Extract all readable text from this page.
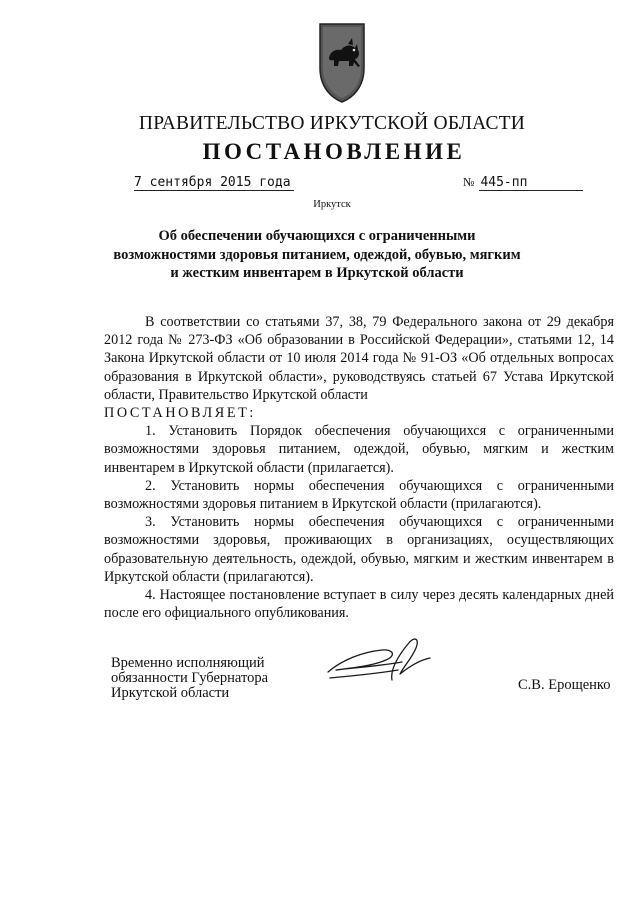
ПРАВИТЕЛЬСТВО ИРКУТСКОЙ ОБЛАСТИ
ПОСТАНОВЛЕНИЕ
7 сентября 2015 года	№ 445-пп
Иркутск
Об обеспечении обучающихся с ограниченными возможностями здоровья питанием, одеждой, обувью, мягким и жестким инвентарем в Иркутской области

В соответствии со статьями 37, 38, 79 Федерального закона от 29 декабря 2012 года № 273-ФЗ «Об образовании в Российской Федерации», статьями 12, 14 Закона Иркутской области от 10 июля 2014 года № 91-ОЗ «Об отдельных вопросах образования в Иркутской области», руководствуясь статьей 67 Устава Иркутской области, Правительство Иркутской области

ПОСТАНОВЛЯЕТ:

1. Установить Порядок обеспечения обучающихся с ограниченными возможностями здоровья питанием, одеждой, обувью, мягким и жестким инвентарем в Иркутской области (прилагается).

2. Установить нормы обеспечения обучающихся с ограниченными возможностями здоровья питанием в Иркутской области (прилагаются).

3. Установить нормы обеспечения обучающихся с ограниченными возможностями здоровья, проживающих в организациях, осуществляющих образовательную деятельность, одеждой, обувью, мягким и жестким инвентарем в Иркутской области (прилагаются).

4. Настоящее постановление вступает в силу через десять календарных дней после его официального опубликования.

Временно исполняющий
обязанности Губернатора
Иркутской области
С.В. Ерощенко
